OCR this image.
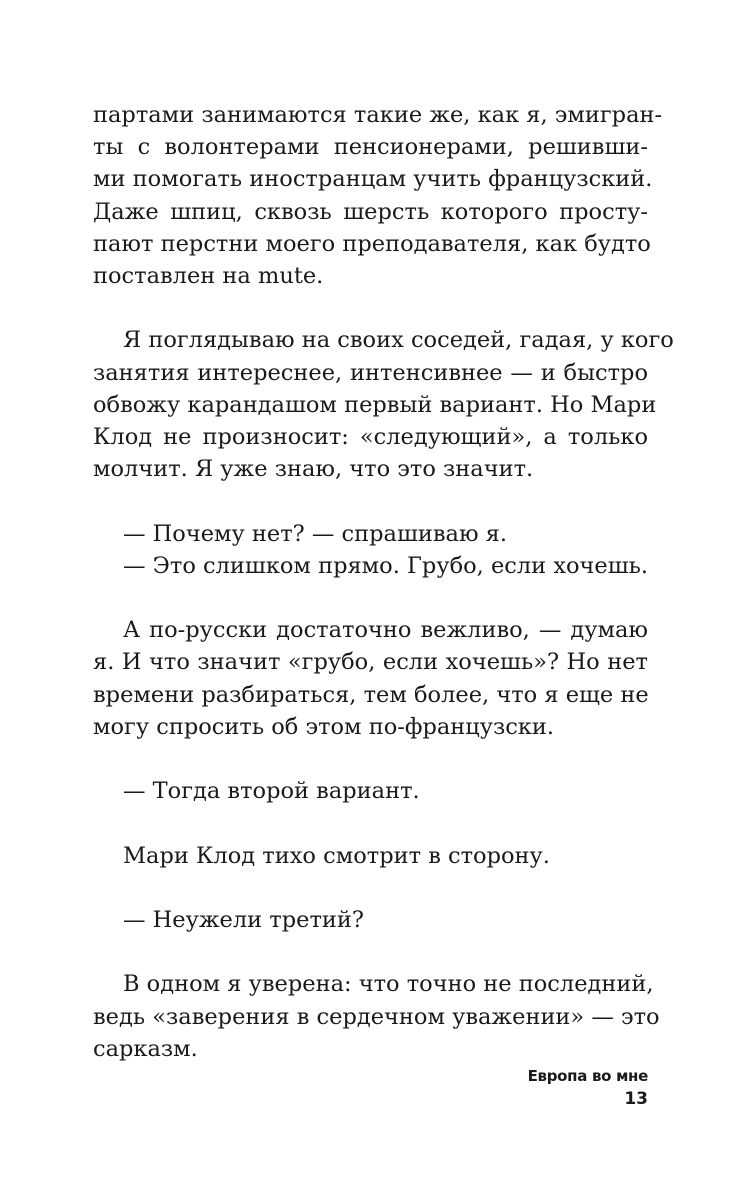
партами занимаются такие же, как я, эмигран-
ты с волонтерами пенсионерами, решивши-
ми помогать иностранцам учить французский.
Даже шпиц, сквозь шерсть которого просту-
пают перстни моего преподавателя, как будто
поставлен на mute.

Я поглядываю на своих соседей, гадая, у кого
занятия интереснее, интенсивнее — и быстро
обвожу карандашом первый вариант. Но Мари
Клод не произносит: «следующий», а только
молчит. Я уже знаю, что это значит.

— Почему нет? — спрашиваю я.
— Это слишком прямо. Грубо, если хочешь.

А по-русски достаточно вежливо, — думаю
я. И что значит «грубо, если хочешь»? Но нет
времени разбираться, тем более, что я еще не
могу спросить об этом по-французски.

— Тогда второй вариант.

Мари Клод тихо смотрит в сторону.

— Неужели третий?

В одном я уверена: что точно не последний,
ведь «заверения в сердечном уважении» — это
сарказм.

Европа во мне
13
